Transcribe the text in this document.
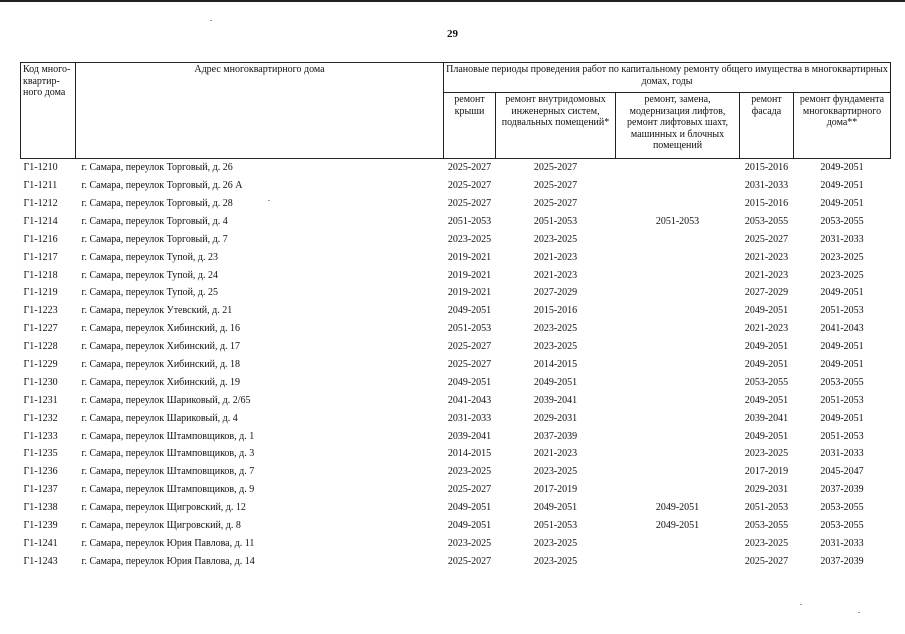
29
Код много-квартир-ного дома	Адрес многоквартирного дома	Плановые периоды проведения работ по капитальному ремонту общего имущества в многоквартирных домах, годы				
		ремонт крыши	ремонт внутридомовых инженерных систем, подвальных помещений*	ремонт, замена, модернизация лифтов, ремонт лифтовых шахт, машинных и блочных помещений	ремонт фасада	ремонт фундамента многоквартирного дома**
Г1-1210	г. Самара, переулок Торговый, д. 26	2025-2027	2025-2027		2015-2016	2049-2051
Г1-1211	г. Самара, переулок Торговый, д. 26 А	2025-2027	2025-2027		2031-2033	2049-2051
Г1-1212	г. Самара, переулок Торговый, д. 28	2025-2027	2025-2027		2015-2016	2049-2051
Г1-1214	г. Самара, переулок Торговый, д. 4	2051-2053	2051-2053	2051-2053	2053-2055	2053-2055
Г1-1216	г. Самара, переулок Торговый, д. 7	2023-2025	2023-2025		2025-2027	2031-2033
Г1-1217	г. Самара, переулок Тупой, д. 23	2019-2021	2021-2023		2021-2023	2023-2025
Г1-1218	г. Самара, переулок Тупой, д. 24	2019-2021	2021-2023		2021-2023	2023-2025
Г1-1219	г. Самара, переулок Тупой, д. 25	2019-2021	2027-2029		2027-2029	2049-2051
Г1-1223	г. Самара, переулок Утевский, д. 21	2049-2051	2015-2016		2049-2051	2051-2053
Г1-1227	г. Самара, переулок Хибинский, д. 16	2051-2053	2023-2025		2021-2023	2041-2043
Г1-1228	г. Самара, переулок Хибинский, д. 17	2025-2027	2023-2025		2049-2051	2049-2051
Г1-1229	г. Самара, переулок Хибинский, д. 18	2025-2027	2014-2015		2049-2051	2049-2051
Г1-1230	г. Самара, переулок Хибинский, д. 19	2049-2051	2049-2051		2053-2055	2053-2055
Г1-1231	г. Самара, переулок Шариковый, д. 2/65	2041-2043	2039-2041		2049-2051	2051-2053
Г1-1232	г. Самара, переулок Шариковый, д. 4	2031-2033	2029-2031		2039-2041	2049-2051
Г1-1233	г. Самара, переулок Штамповщиков, д. 1	2039-2041	2037-2039		2049-2051	2051-2053
Г1-1235	г. Самара, переулок Штамповщиков, д. 3	2014-2015	2021-2023		2023-2025	2031-2033
Г1-1236	г. Самара, переулок Штамповщиков, д. 7	2023-2025	2023-2025		2017-2019	2045-2047
Г1-1237	г. Самара, переулок Штамповщиков, д. 9	2025-2027	2017-2019		2029-2031	2037-2039
Г1-1238	г. Самара, переулок Щигровский, д. 12	2049-2051	2049-2051	2049-2051	2051-2053	2053-2055
Г1-1239	г. Самара, переулок Щигровский, д. 8	2049-2051	2051-2053	2049-2051	2053-2055	2053-2055
Г1-1241	г. Самара, переулок Юрия Павлова, д. 11	2023-2025	2023-2025		2023-2025	2031-2033
Г1-1243	г. Самара, переулок Юрия Павлова, д. 14	2025-2027	2023-2025		2025-2027	2037-2039
